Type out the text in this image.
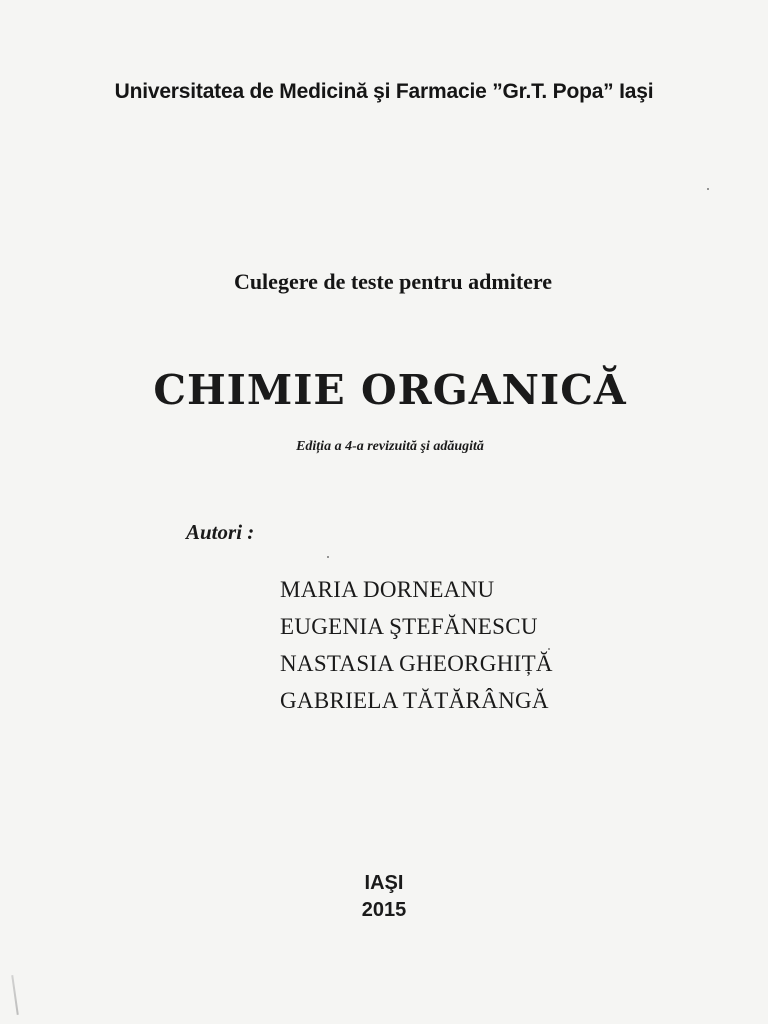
Universitatea de Medicină şi Farmacie ”Gr.T. Popa” Iaşi
Culegere de teste pentru admitere
CHIMIE ORGANICĂ
Ediția a 4-a revizuită şi adăugită
Autori :
MARIA DORNEANU
EUGENIA ŞTEFĂNESCU
NASTASIA GHEORGHIȚĂ
GABRIELA TĂTĂRÂNGĂ
IAŞI
2015
